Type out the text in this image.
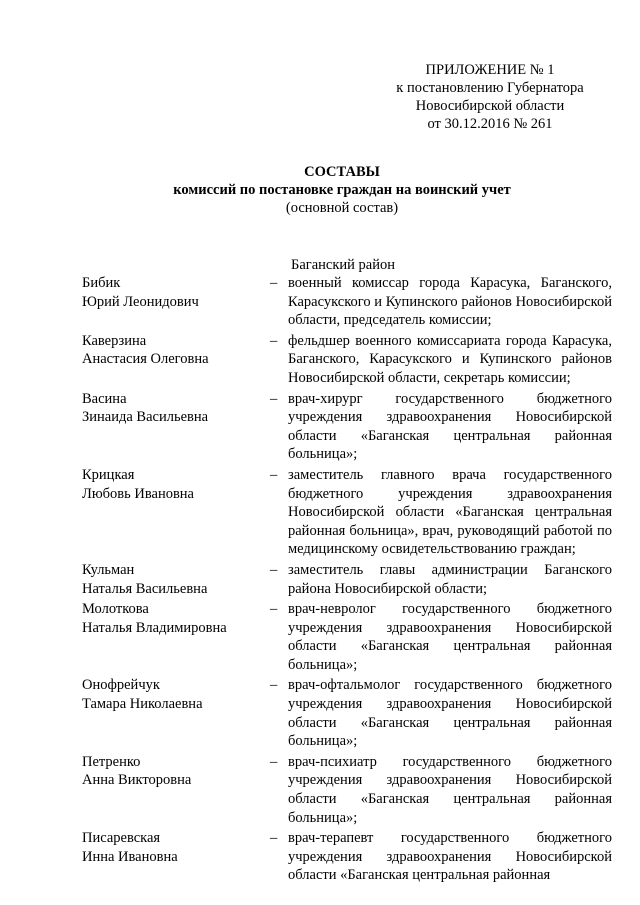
ПРИЛОЖЕНИЕ № 1
к постановлению Губернатора
Новосибирской области
от 30.12.2016 № 261
СОСТАВЫ
комиссий по постановке граждан на воинский учет
(основной состав)
Баганский район
Бибик
Юрий Леонидович
– военный комиссар города Карасука, Баганского, Карасукского и Купинского районов Новосибирской области, председатель комиссии;
Каверзина
Анастасия Олеговна
– фельдшер военного комиссариата города Карасука, Баганского, Карасукского и Купинского районов Новосибирской области, секретарь комиссии;
Васина
Зинаида Васильевна
– врач-хирург государственного бюджетного учреждения здравоохранения Новосибирской области «Баганская центральная районная больница»;
Крицкая
Любовь Ивановна
– заместитель главного врача государственного бюджетного учреждения здравоохранения Новосибирской области «Баганская центральная районная больница», врач, руководящий работой по медицинскому освидетельствованию граждан;
Кульман
Наталья Васильевна
– заместитель главы администрации Баганского района Новосибирской области;
Молоткова
Наталья Владимировна
– врач-невролог государственного бюджетного учреждения здравоохранения Новосибирской области «Баганская центральная районная больница»;
Онофрейчук
Тамара Николаевна
– врач-офтальмолог государственного бюджетного учреждения здравоохранения Новосибирской области «Баганская центральная районная больница»;
Петренко
Анна Викторовна
– врач-психиатр государственного бюджетного учреждения здравоохранения Новосибирской области «Баганская центральная районная больница»;
Писаревская
Инна Ивановна
– врач-терапевт государственного бюджетного учреждения здравоохранения Новосибирской области «Баганская центральная районная
